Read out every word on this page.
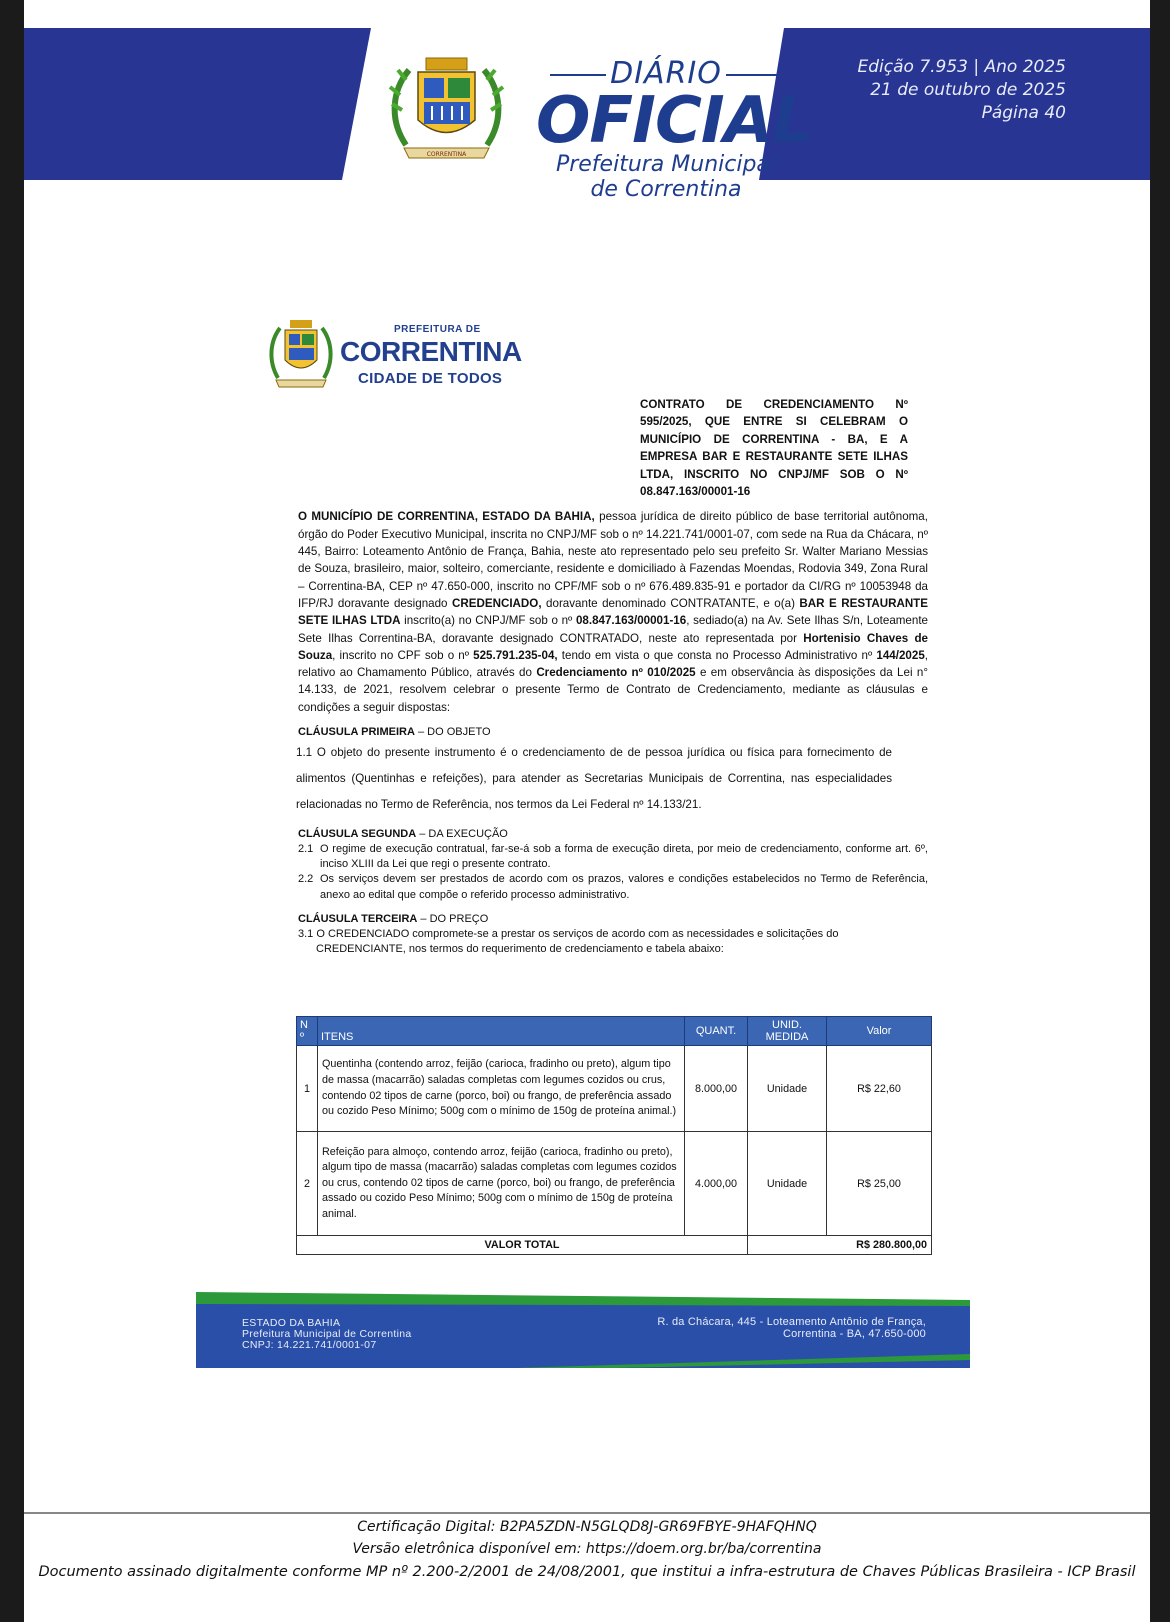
CORRENTINA
DIÁRIO
OFICIAL
Prefeitura Municipal
de Correntina
Edição 7.953 | Ano 2025
21 de outubro de 2025
Página 40
PREFEITURA DE
CORRENTINA
CIDADE DE TODOS
CONTRATO DE CREDENCIAMENTO Nº 595/2025, QUE ENTRE SI CELEBRAM O MUNICÍPIO DE CORRENTINA - BA, E A EMPRESA BAR E RESTAURANTE SETE ILHAS LTDA, INSCRITO NO CNPJ/MF SOB O Nº 08.847.163/00001-16
O MUNICÍPIO DE CORRENTINA, ESTADO DA BAHIA, pessoa jurídica de direito público de base territorial autônoma, órgão do Poder Executivo Municipal, inscrita no CNPJ/MF sob o nº 14.221.741/0001-07, com sede na Rua da Chácara, nº 445, Bairro: Loteamento Antônio de França, Bahia, neste ato representado pelo seu prefeito Sr. Walter Mariano Messias de Souza, brasileiro, maior, solteiro, comerciante, residente e domiciliado à Fazendas Moendas, Rodovia 349, Zona Rural – Correntina-BA, CEP nº 47.650-000, inscrito no CPF/MF sob o nº 676.489.835-91 e portador da CI/RG nº 10053948 da IFP/RJ doravante designado CREDENCIADO, doravante denominado CONTRATANTE, e o(a) BAR E RESTAURANTE SETE ILHAS LTDA inscrito(a) no CNPJ/MF sob o nº 08.847.163/00001-16, sediado(a) na Av. Sete Ilhas S/n, Loteamente Sete Ilhas Correntina-BA, doravante designado CONTRATADO, neste ato representada por Hortenisio Chaves de Souza, inscrito no CPF sob o nº 525.791.235-04, tendo em vista o que consta no Processo Administrativo nº 144/2025, relativo ao Chamamento Público, através do Credenciamento nº 010/2025 e em observância às disposições da Lei n° 14.133, de 2021, resolvem celebrar o presente Termo de Contrato de Credenciamento, mediante as cláusulas e condições a seguir dispostas:
CLÁUSULA PRIMEIRA – DO OBJETO
1.1 O objeto do presente instrumento é o credenciamento de de pessoa jurídica ou física para fornecimento de alimentos (Quentinhas e refeições), para atender as Secretarias Municipais de Correntina, nas especialidades relacionadas no Termo de Referência, nos termos da Lei Federal nº 14.133/21.
CLÁUSULA SEGUNDA – DA EXECUÇÃO
2.1 O regime de execução contratual, far-se-á sob a forma de execução direta, por meio de credenciamento, conforme art. 6º, inciso XLIII da Lei que regi o presente contrato.
2.2 Os serviços devem ser prestados de acordo com os prazos, valores e condições estabelecidos no Termo de Referência, anexo ao edital que compõe o referido processo administrativo.
CLÁUSULA TERCEIRA – DO PREÇO
3.1 O CREDENCIADO compromete-se a prestar os serviços de acordo com as necessidades e solicitações do
CREDENCIANTE, nos termos do requerimento de credenciamento e tabela abaixo:
N º	ITENS	QUANT.	UNID. MEDIDA	Valor
1	Quentinha (contendo arroz, feijão (carioca, fradinho ou preto), algum tipo de massa (macarrão) saladas completas com legumes cozidos ou crus, contendo 02 tipos de carne (porco, boi) ou frango, de preferência assado ou cozido Peso Mínimo; 500g com o mínimo de 150g de proteína animal.)	8.000,00	Unidade	R$ 22,60
2	Refeição para almoço, contendo arroz, feijão (carioca, fradinho ou preto), algum tipo de massa (macarrão) saladas completas com legumes cozidos ou crus, contendo 02 tipos de carne (porco, boi) ou frango, de preferência assado ou cozido Peso Mínimo; 500g com o mínimo de 150g de proteína animal.	4.000,00	Unidade	R$ 25,00
VALOR TOTAL			R$ 280.800,00	
ESTADO DA BAHIA
Prefeitura Municipal de Correntina
CNPJ: 14.221.741/0001-07
R. da Chácara, 445 - Loteamento Antônio de França,
Correntina - BA, 47.650-000
Certificação Digital: B2PA5ZDN-N5GLQD8J-GR69FBYE-9HAFQHNQ
Versão eletrônica disponível em: https://doem.org.br/ba/correntina
Documento assinado digitalmente conforme MP nº 2.200-2/2001 de 24/08/2001, que institui a infra-estrutura de Chaves Públicas Brasileira - ICP Brasil
